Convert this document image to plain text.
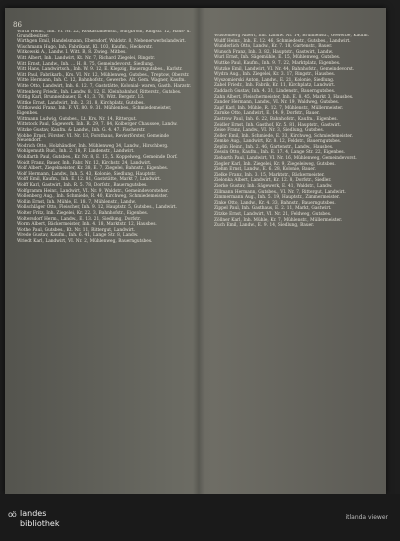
86
Wirth Heinr., Inh. VI. Nr. 22, Rotkastanienstr., Burgbrohl, Ringstr. 12, Haus- u. Grundbesitzer.
Wirthgen Emil, Handelsmann, Ebersdorf, Waldstr. 8, Nebenerwerbslandwirt.
Wischmann Hugo, Inh. Fabrikant, Kl. 103, Kaufm., Heckerstr.
Witkowski A., Landw. I. Witt. B, 8. Zwieg. Mitbes.
Witt Albert, Inh. Landwirt, Kt. Nr. 7, Richard Ziegelei, Ringstr.
Witt Ernst, Landw., Inh. ... H. 8. 75, Gemeindevorst. Siedlung.
Witt Hans, Landwirtsch., Inh. W. 9. 12, E. Klepzig, Bauerngutsbes., Karlstr.
Witt Paul, Fabrikarb., Krs. VI. Nr. 12, Mühlenweg, Gutsbes., Treptow, Oberstr.
Witte Hermann, Inh. C. 12, Bahnhofstr., Gewerbe. Alt. Gem. Wagner, Kaufm.
Witte Otto, Landwirt, Inh. 6. 12. 7, Gaststätte, Kolonial- waren, Gasth. Harzstr.
Wittenberg Friedr., Inh. Landw. 8. 12, E. Kleinbahnhof, Ritterstr., Gutsbes.
Wittig Karl, Brunnenbauer, E. 41, 3. 78, Witt. Bergstr. 13.
Wittke Ernst, Landwirt, Inh. 2. 31. 8, Kirchplatz, Gutsbes.
Wittkowski Franz, Inh. F. VI. 80. 9. 31. Mühlenbes., Schmiedemeister, Eigenbes.
Wittmann Ludwig, Gutsbes., Lt. Krs. Nr. 14, Rittergut.
Wittstock Paul, Sägewerk. Inh. R. 29, 7. 84, Kolberger Chaussee, Landw.
Witzke Gustav, Kaufm. & Landw., Inh. G. 4. 47. Fischerstr.
Wobbe Ernst, Förster. VI. Nr. 13, Forsthaus, Revierförster, Gemeinde Neuendorf.
Wodrich Otto, Holzhändler, Inh. Mühlenweg 34, Landw., Hirschberg.
Wohlgemuth Rud., Inh. 2. 18, F. Lindenstr., Landwirt.
Wohlfarth Paul, Gutsbes., Kr. Nr. 8, E. 15, 5. Koppelweg, Gemeinde Dorf.
Woidt Franz, Bauer, Inh. Fabr. Nr. 12, Kirchstr. 24, Landwirt.
Wolf Albert, Ziegelmeister, Kr. 38, E. 7, Ziegelei, Bahnstr., Eigenbes.
Wolf Hermann, Landw., Inh. 5. 43, Kolonie, Siedlung, Hauptstr.
Wolff Emil, Kaufm., Inh. E. 12. 81, Gaststätte, Markt 7, Landwirt.
Wolff Karl, Gastwirt, Inh. R. 5. 78, Dorfstr., Bauerngutsbes.
Wolfgramm Heinr., Landwirt, VI. Nr. 9, Waldstr., Gemeindevorsteher.
Wollenberg Aug., Inh. Schmiede, R. 40, Kirchweg, Schmiedemeister.
Wollin Ernst, Inh. Mühle, E. 18. 7, Mühlenstr., Landw.
Wollschläger Otto, Fleischer, Inh. 9. 12, Hauptstr. 5, Gutsbes., Landwirt.
Wolter Fritz, Inh. Ziegelei, Kr. 22. 3, Bahnhofstr., Eigenbes.
Woltersdorf Herm., Landw., E. 13. 21, Siedlung, Dorfstr.
Worm Albert, Bäckermeister, Inh. 4. 18, Marktstr. 12, Hausbes.
Wothe Paul, Gutsbes., Kt. Nr. 11, Rittergut, Landwirt.
Wrede Gustav, Kaufm., Inh. 6. 41, Lange Str. 8, Landw.
Wriedt Karl, Landwirt, VI. Nr. 2, Mühlenweg, Bauerngutsbes.
Wüstenberg Albert, Inh. Landw. Nr. 14, Brunnenstr., Gewerbe, Kaufm.
Wulff Heinr., Inh. E. 12. 46, Schmiedestr., Gutsbes., Landwirt.
Wunderlich Otto, Landw., Kr. 7. 18, Gartenstr., Bauer.
Wunsch Franz, Inh. 3. 82, Hauptstr., Gastwirt, Landw.
Wurl Ernst, Inh. Sägemühle, E. 15, Mühlenweg, Gutsbes.
Wuttke Paul, Kaufm., Inh. 9. 7. 22, Marktplatz, Eigenbes.
Wutzke Emil, Landwirt, VI. Nr. 44, Bahnhofstr., Gemeindevorst.
Wydra Aug., Inh. Ziegelei, Kr. 3. 17, Ringstr., Hausbes.
Wyszomierski Anton, Landw., E. 21, Kolonie, Siedlung.
Zabel Friedr., Inh. Fabrik, Kr. 11, Kirchplatz, Landwirt.
Zaddach Gustav, Inh. 4. 31, Lindenstr., Bauerngutsbes.
Zahn Albert, Fleischermeister, Inh. E. 8. 45, Markt 3, Hausbes.
Zander Hermann, Landw., VI. Nr. 19, Waldweg, Gutsbes.
Zapf Karl, Inh. Mühle, R. 12. 7, Mühlenstr., Müllermeister.
Zarnke Otto, Landwirt, E. 14. 9, Dorfstr., Bauer.
Zastrow Paul, Inh. 6. 22, Bahnhofstr., Kaufm., Eigenbes.
Zeidler Ernst, Inh. Gasthof, Kr. 5. 81, Hauptstr., Gastwirt.
Zeise Franz, Landw., VI. Nr. 3, Siedlung, Gutsbes.
Zeller Emil, Inh. Schmiede, E. 33, Kirchweg, Schmiedemeister.
Zemke Aug., Landwirt, Kr. 8. 12, Feldstr., Bauerngutsbes.
Zeplin Heinr., Inh. 2. 46, Gartenstr., Landw., Hausbes.
Zessin Otto, Kaufm., Inh. E. 17. 4, Lange Str. 22, Eigenbes.
Ziebarth Paul, Landwirt, VI. Nr. 16, Mühlenweg, Gemeindevorst.
Ziegler Karl, Inh. Ziegelei, Kr. 9, Ziegeleiweg, Gutsbes.
Ziehm Ernst, Landw., E. 6. 28, Kolonie, Bauer.
Zielke Franz, Inh. 3. 15, Marktstr., Bäckermeister.
Zielonka Albert, Landwirt, Kr. 12. 8, Dorfstr., Siedler.
Zierke Gustav, Inh. Sägewerk, E. 41, Waldstr., Landw.
Zillmann Hermann, Gutsbes., VI. Nr. 7, Rittergut, Landwirt.
Zimmermann Aug., Inh. 5. 19, Hauptstr., Zimmermeister.
Zinke Otto, Landw., Kr. 4. 33, Bahnstr., Bauerngutsbes.
Zippel Paul, Inh. Gasthaus, E. 2. 11, Markt, Gastwirt.
Zitzke Ernst, Landwirt, VI. Nr. 21, Feldweg, Gutsbes.
Zöllner Karl, Inh. Mühle, Kr. 7, Mühlenstr., Müllermeister.
Zuch Emil, Landw., E. 9. 14, Siedlung, Bauer.
oö landes
bibliothek
itlanda viewer
